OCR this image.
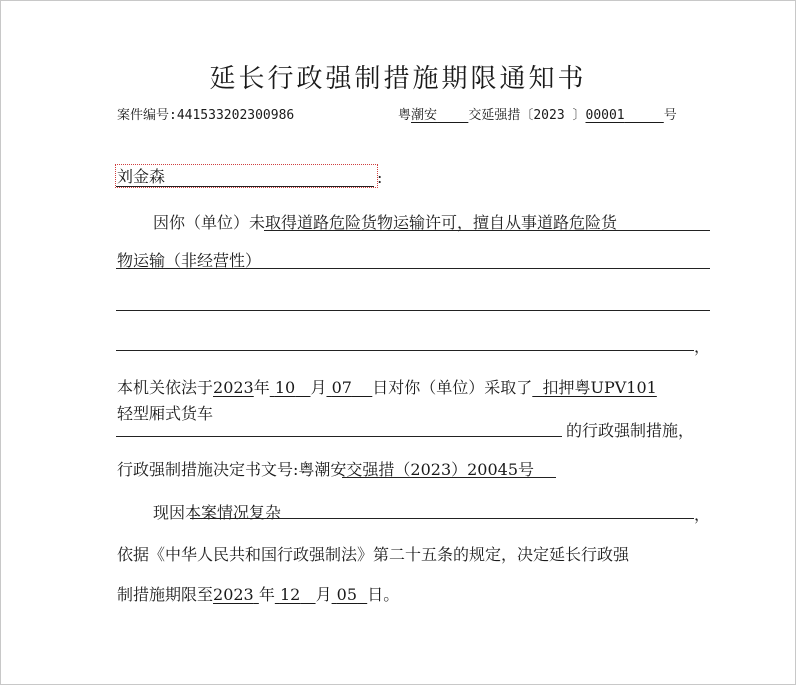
延长行政强制措施期限通知书
案件编号:441533202300986	粤潮安 交延强措〔2023 〕00001	号
刘金森	:
因你（单位）未取得道路危险货物运输许可，擅自从事道路危险货
物运输（非经营性）
，
本机关依法于2023年 10 月 07 日对你（单位）采取了 扣押粤UPV101
轻型厢式货车
的行政强制措施，
行政强制措施决定书文号:粤潮安交强措（2023）20045号
现因本案情况复杂	，
依据《中华人民共和国行政强制法》第二十五条的规定，决定延长行政强
制措施期限至2023 年 12 月 05 日。
